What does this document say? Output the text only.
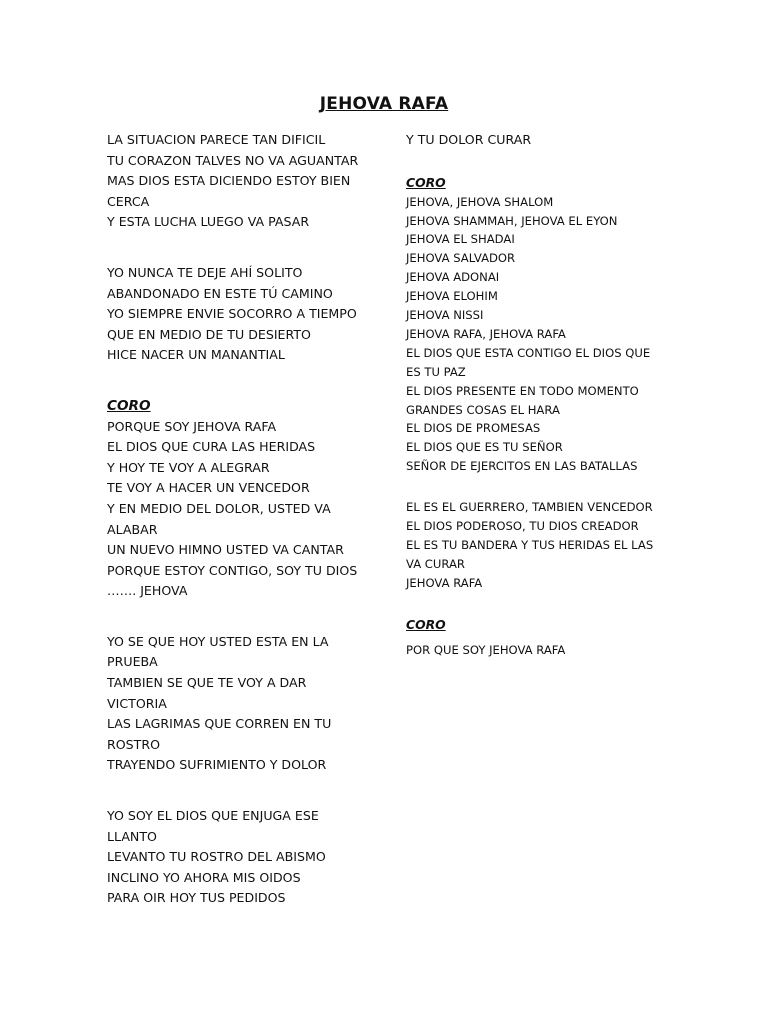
JEHOVA RAFA
LA SITUACION PARECE TAN DIFICIL
TU CORAZON TALVES NO VA AGUANTAR
MAS DIOS ESTA DICIENDO ESTOY BIEN CERCA
Y ESTA LUCHA LUEGO VA PASAR
YO NUNCA TE DEJE AHÍ SOLITO
ABANDONADO EN ESTE TÚ CAMINO
YO SIEMPRE ENVIE SOCORRO A TIEMPO
QUE EN MEDIO DE TU DESIERTO
HICE NACER UN MANANTIAL
CORO
PORQUE SOY JEHOVA RAFA
EL DIOS QUE CURA LAS HERIDAS
Y HOY TE VOY A ALEGRAR
TE VOY A HACER UN VENCEDOR
Y EN MEDIO DEL DOLOR, USTED VA ALABAR
UN NUEVO HIMNO USTED VA CANTAR
PORQUE ESTOY CONTIGO, SOY TU DIOS
……. JEHOVA
YO SE QUE HOY USTED ESTA EN LA PRUEBA
TAMBIEN SE QUE TE VOY A DAR VICTORIA
LAS LAGRIMAS QUE CORREN EN TU ROSTRO
TRAYENDO SUFRIMIENTO Y DOLOR
YO SOY EL DIOS QUE ENJUGA ESE LLANTO
LEVANTO TU ROSTRO DEL ABISMO
INCLINO YO AHORA MIS OIDOS
PARA OIR HOY TUS PEDIDOS
Y TU DOLOR CURAR
CORO
JEHOVA, JEHOVA SHALOM
JEHOVA SHAMMAH, JEHOVA EL EYON
JEHOVA EL SHADAI
JEHOVA SALVADOR
JEHOVA ADONAI
JEHOVA ELOHIM
JEHOVA NISSI
JEHOVA RAFA, JEHOVA RAFA
EL DIOS QUE ESTA CONTIGO EL DIOS QUE ES TU PAZ
EL DIOS PRESENTE EN TODO MOMENTO
GRANDES COSAS EL HARA
EL DIOS DE PROMESAS
EL DIOS QUE ES TU SEÑOR
SEÑOR DE EJERCITOS EN LAS BATALLAS
EL ES EL GUERRERO, TAMBIEN VENCEDOR
EL DIOS PODEROSO, TU DIOS CREADOR
EL ES TU BANDERA Y TUS HERIDAS EL LAS VA CURAR
JEHOVA RAFA
CORO
POR QUE SOY JEHOVA RAFA
